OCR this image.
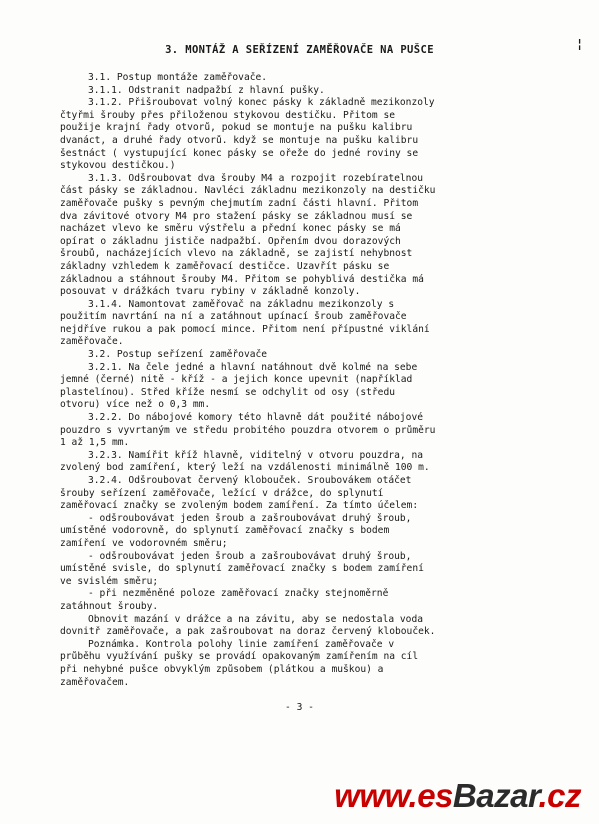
¦
3. MONTÁŽ A SEŘÍZENÍ ZAMĚŘOVAČE NA PUŠCE
3.1. Postup montáže zaměřovače.
3.1.1. Odstranit nadpažbí z hlavní pušky.
3.1.2. Přišroubovat volný konec pásky k základně mezikonzoly
čtyřmi šrouby přes přiloženou stykovou destičku. Přitom se
použije krajní řady otvorů, pokud se montuje na pušku kalibru
dvanáct, a druhé řady otvorů. když se montuje na pušku kalibru
šestnáct ( vystupující konec pásky se ořeže do jedné roviny se
stykovou destičkou.)
3.1.3. Odšroubovat dva šrouby M4 a rozpojit rozebíratelnou
část pásky se základnou. Navléci základnu mezikonzoly na destičku
zaměřovače pušky s pevným chejmutím zadní části hlavní. Přitom
dva závitové otvory M4 pro stažení pásky se základnou musí se
nacházet vlevo ke směru výstřelu a přední konec pásky se má
opírat o základnu jističe nadpažbí. Opřením dvou dorazových
šroubů, nacházejících vlevo na základně, se zajistí nehybnost
základny vzhledem k zaměřovací destičce. Uzavřít pásku se
základnou a stáhnout šrouby M4. Přitom se pohyblivá destička má
posouvat v drážkách tvaru rybiny v základně konzoly.
3.1.4. Namontovat zaměřovač na základnu mezikonzoly s
použitím navrtání na ní a zatáhnout upínací šroub zaměřovače
nejdříve rukou a pak pomocí mince. Přitom není přípustné viklání
zaměřovače.
3.2. Postup seřízení zaměřovače
3.2.1. Na čele jedné a hlavní natáhnout dvě kolmé na sebe
jemné (černé) nitě - kříž - a jejich konce upevnit (například
plastelínou). Střed kříže nesmí se odchylit od osy (středu
otvoru) více než o 0,3 mm.
3.2.2. Do nábojové komory této hlavně dát použité nábojové
pouzdro s vyvrtaným ve středu probitého pouzdra otvorem o průměru
1 až 1,5 mm.
3.2.3. Namířit kříž hlavně, viditelný v otvoru pouzdra, na
zvolený bod zamíření, který leží na vzdálenosti minimálně 100 m.
3.2.4. Odšroubovat červený klobouček. Šroubovákem otáčet
šrouby seřízení zaměřovače, ležící v drážce, do splynutí
zaměřovací značky se zvoleným bodem zamíření. Za tímto účelem:
- odšroubovávat jeden šroub a zašroubovávat druhý šroub,
umístěné vodorovně, do splynutí zaměřovací značky s bodem
zamíření ve vodorovném směru;
- odšroubovávat jeden šroub a zašroubovávat druhý šroub,
umístěné svisle, do splynutí zaměřovací značky s bodem zamíření
ve svislém směru;
- při nezměněné poloze zaměřovací značky stejnoměrně
zatáhnout šrouby.
Obnovit mazání v drážce a na závitu, aby se nedostala voda
dovnitř zaměřovače, a pak zašroubovat na doraz červený klobouček.
Poznámka. Kontrola polohy linie zamíření zaměřovače v
průběhu využívání pušky se provádí opakovaným zamířením na cíl
při nehybné pušce obvyklým způsobem (plátkou a muškou) a
zaměřovačem.
- 3 -
www.esBazar.cz
